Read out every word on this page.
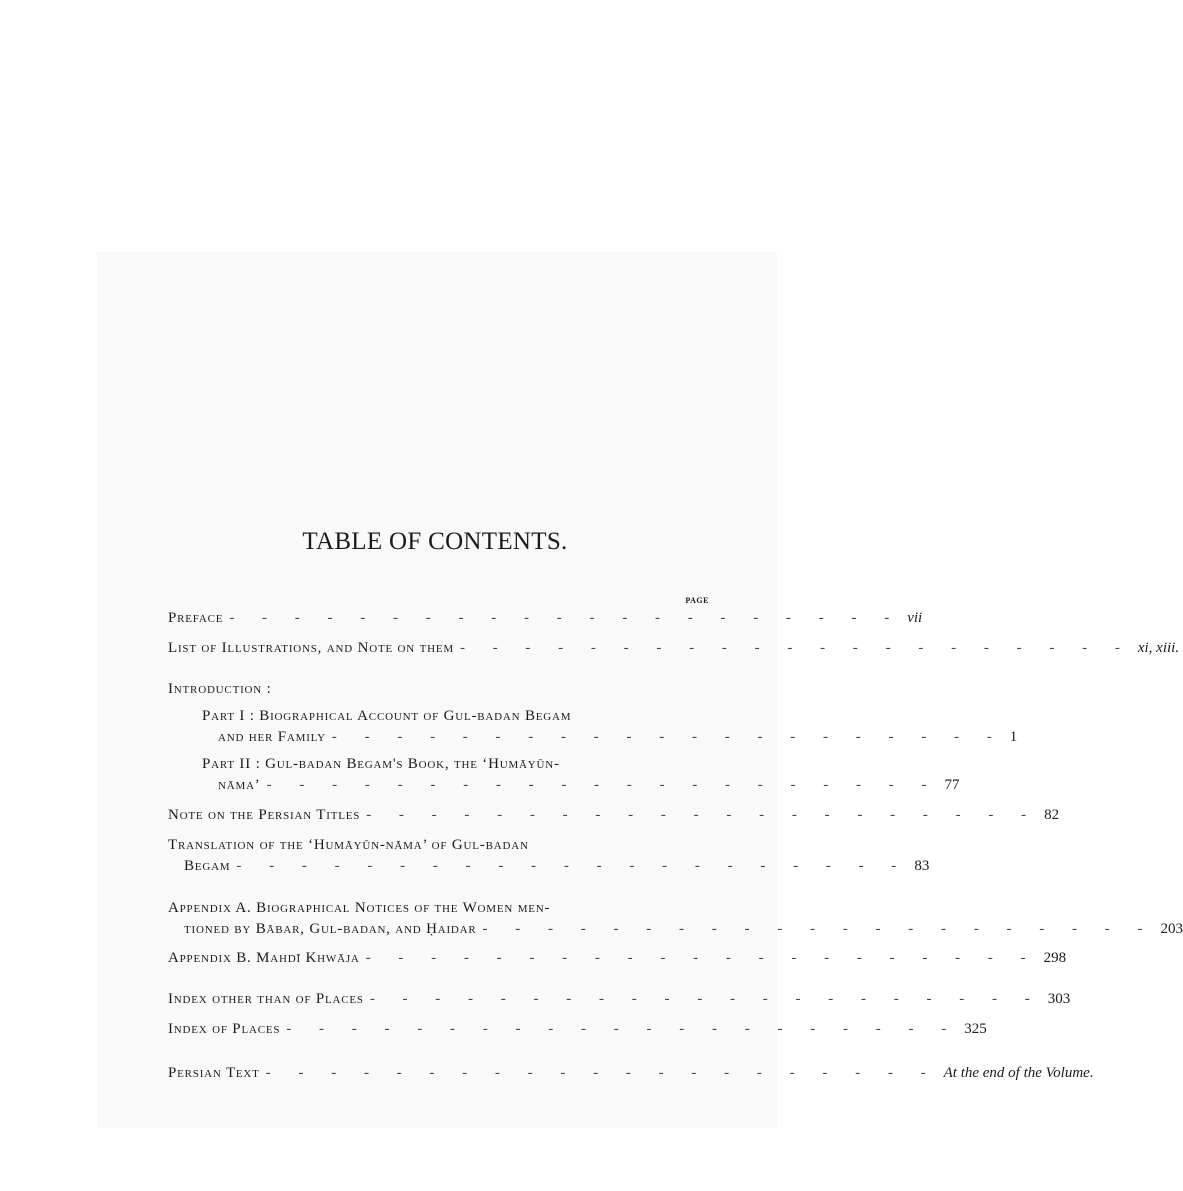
TABLE OF CONTENTS.
PAGE
Preface - - - - - - - - - - - - - - - - - - - - - vii
List of Illustrations, and Note on them - - - - - - - - - - - - - - - - - - - - - xi, xiii.
Introduction :
Part I : Biographical Account of Gul-badan Begam
and her Family - - - - - - - - - - - - - - - - - - - - - 1
Part II : Gul-badan Begam's Book, the ‘Humāyūn-
nāma’ - - - - - - - - - - - - - - - - - - - - - 77
Note on the Persian Titles - - - - - - - - - - - - - - - - - - - - - 82
Translation of the ‘Humāyūn-nāma’ of Gul-badan
Begam - - - - - - - - - - - - - - - - - - - - - 83
Appendix A. Biographical Notices of the Women men-
tioned by Bābar, Gul-badan, and Ḥaidar - - - - - - - - - - - - - - - - - - - - - 203
Appendix B. Mahdī Khwāja - - - - - - - - - - - - - - - - - - - - - 298
Index other than of Places - - - - - - - - - - - - - - - - - - - - - 303
Index of Places - - - - - - - - - - - - - - - - - - - - - 325
Persian Text - - - - - - - - - - - - - - - - - - - - - At the end of the Volume.
